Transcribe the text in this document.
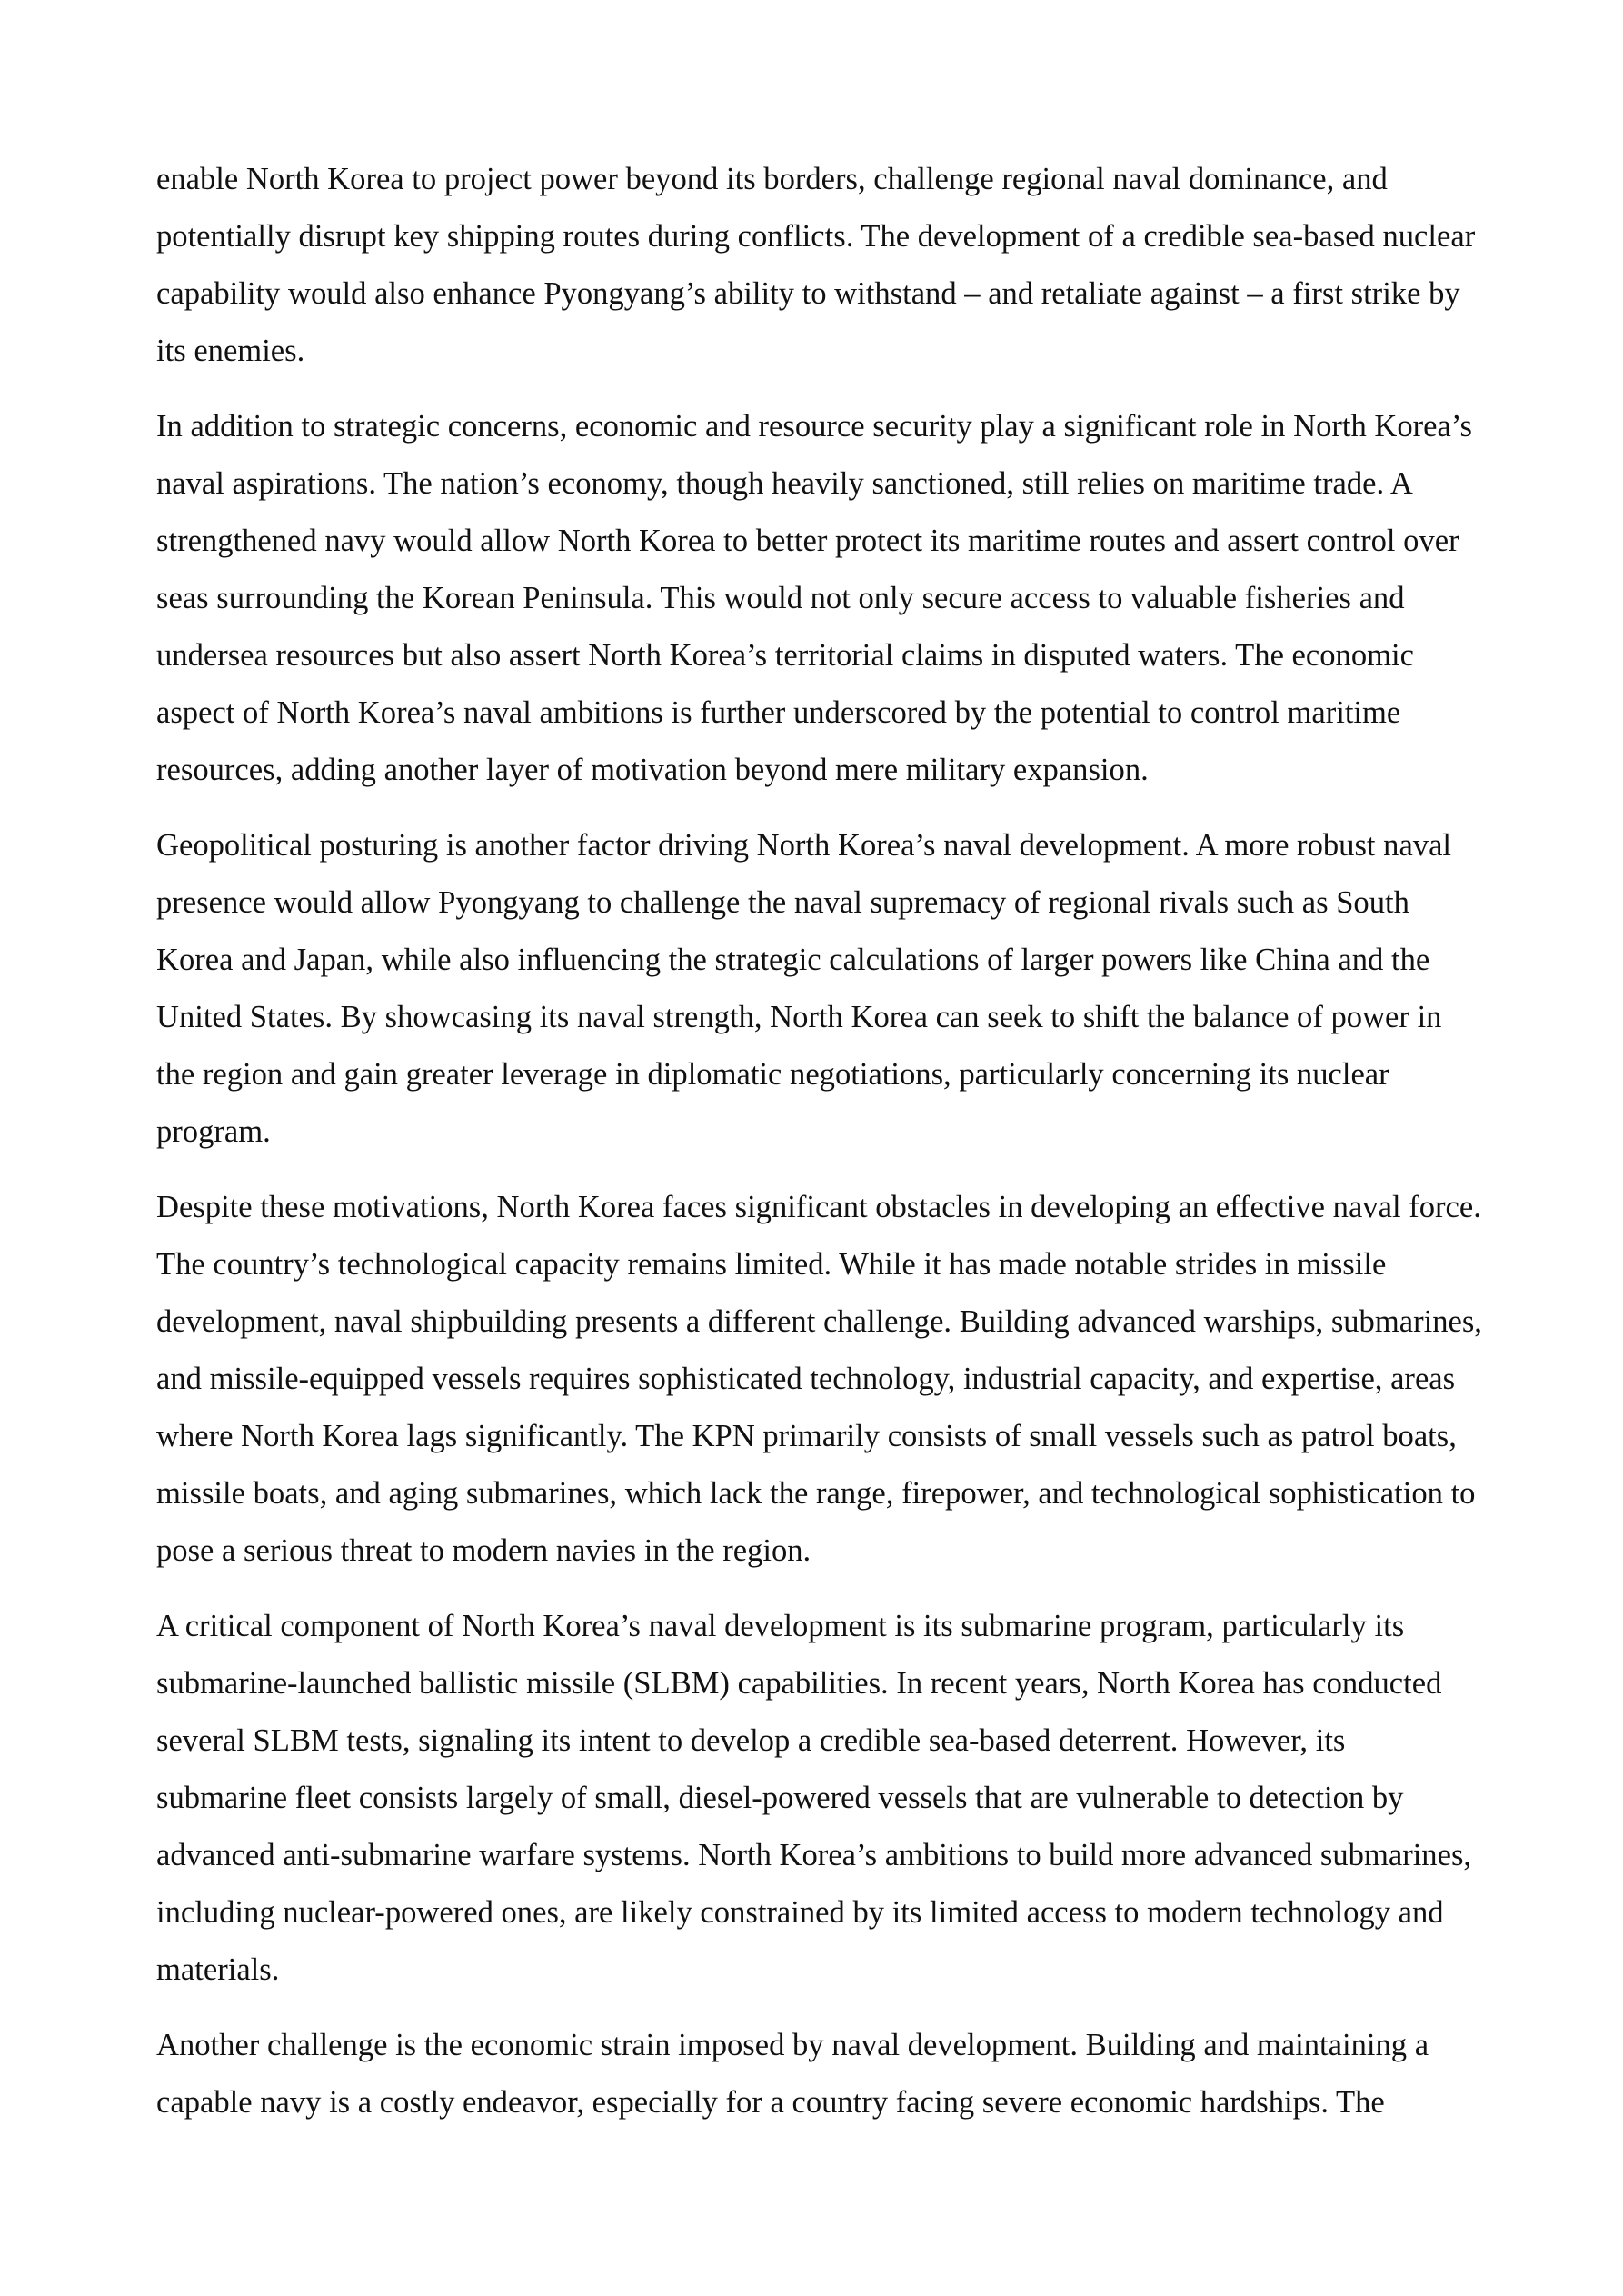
enable North Korea to project power beyond its borders, challenge regional naval dominance, and potentially disrupt key shipping routes during conflicts. The development of a credible sea-based nuclear capability would also enhance Pyongyang’s ability to withstand – and retaliate against – a first strike by its enemies.

In addition to strategic concerns, economic and resource security play a significant role in North Korea’s naval aspirations. The nation’s economy, though heavily sanctioned, still relies on maritime trade. A strengthened navy would allow North Korea to better protect its maritime routes and assert control over seas surrounding the Korean Peninsula. This would not only secure access to valuable fisheries and undersea resources but also assert North Korea’s territorial claims in disputed waters. The economic aspect of North Korea’s naval ambitions is further underscored by the potential to control maritime resources, adding another layer of motivation beyond mere military expansion.

Geopolitical posturing is another factor driving North Korea’s naval development. A more robust naval presence would allow Pyongyang to challenge the naval supremacy of regional rivals such as South Korea and Japan, while also influencing the strategic calculations of larger powers like China and the United States. By showcasing its naval strength, North Korea can seek to shift the balance of power in the region and gain greater leverage in diplomatic negotiations, particularly concerning its nuclear program.

Despite these motivations, North Korea faces significant obstacles in developing an effective naval force. The country’s technological capacity remains limited. While it has made notable strides in missile development, naval shipbuilding presents a different challenge. Building advanced warships, submarines, and missile-equipped vessels requires sophisticated technology, industrial capacity, and expertise, areas where North Korea lags significantly. The KPN primarily consists of small vessels such as patrol boats, missile boats, and aging submarines, which lack the range, firepower, and technological sophistication to pose a serious threat to modern navies in the region.

A critical component of North Korea’s naval development is its submarine program, particularly its submarine-launched ballistic missile (SLBM) capabilities. In recent years, North Korea has conducted several SLBM tests, signaling its intent to develop a credible sea-based deterrent. However, its submarine fleet consists largely of small, diesel-powered vessels that are vulnerable to detection by advanced anti-submarine warfare systems. North Korea’s ambitions to build more advanced submarines, including nuclear-powered ones, are likely constrained by its limited access to modern technology and materials.

Another challenge is the economic strain imposed by naval development. Building and maintaining a capable navy is a costly endeavor, especially for a country facing severe economic hardships. The
